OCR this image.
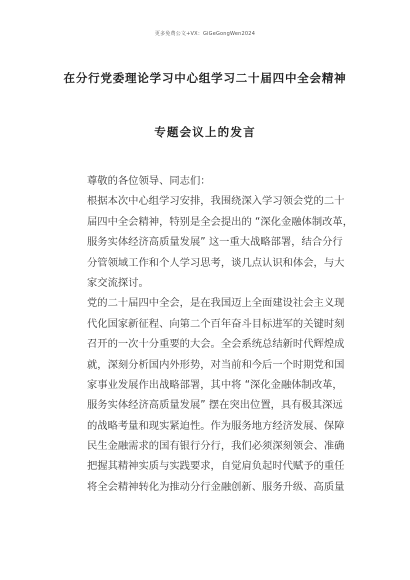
更多免费公文+VX：GiGeGongWen2024
在分行党委理论学习中心组学习二十届四中全会精神
专题会议上的发言
尊敬的各位领导、同志们：
根据本次中心组学习安排，我围绕深入学习领会党的二十
届四中全会精神，特别是全会提出的 “深化金融体制改革，
服务实体经济高质量发展” 这一重大战略部署，结合分行
分管领域工作和个人学习思考，谈几点认识和体会，与大
家交流探讨。
党的二十届四中全会，是在我国迈上全面建设社会主义现
代化国家新征程、向第二个百年奋斗目标进军的关键时刻
召开的一次十分重要的大会。全会系统总结新时代辉煌成
就，深刻分析国内外形势，对当前和今后一个时期党和国
家事业发展作出战略部署，其中将 “深化金融体制改革，
服务实体经济高质量发展” 摆在突出位置，具有极其深远
的战略考量和现实紧迫性。作为服务地方经济发展、保障
民生金融需求的国有银行分行，我们必须深刻领会、准确
把握其精神实质与实践要求，自觉肩负起时代赋予的重任
将全会精神转化为推动分行金融创新、服务升级、高质量
